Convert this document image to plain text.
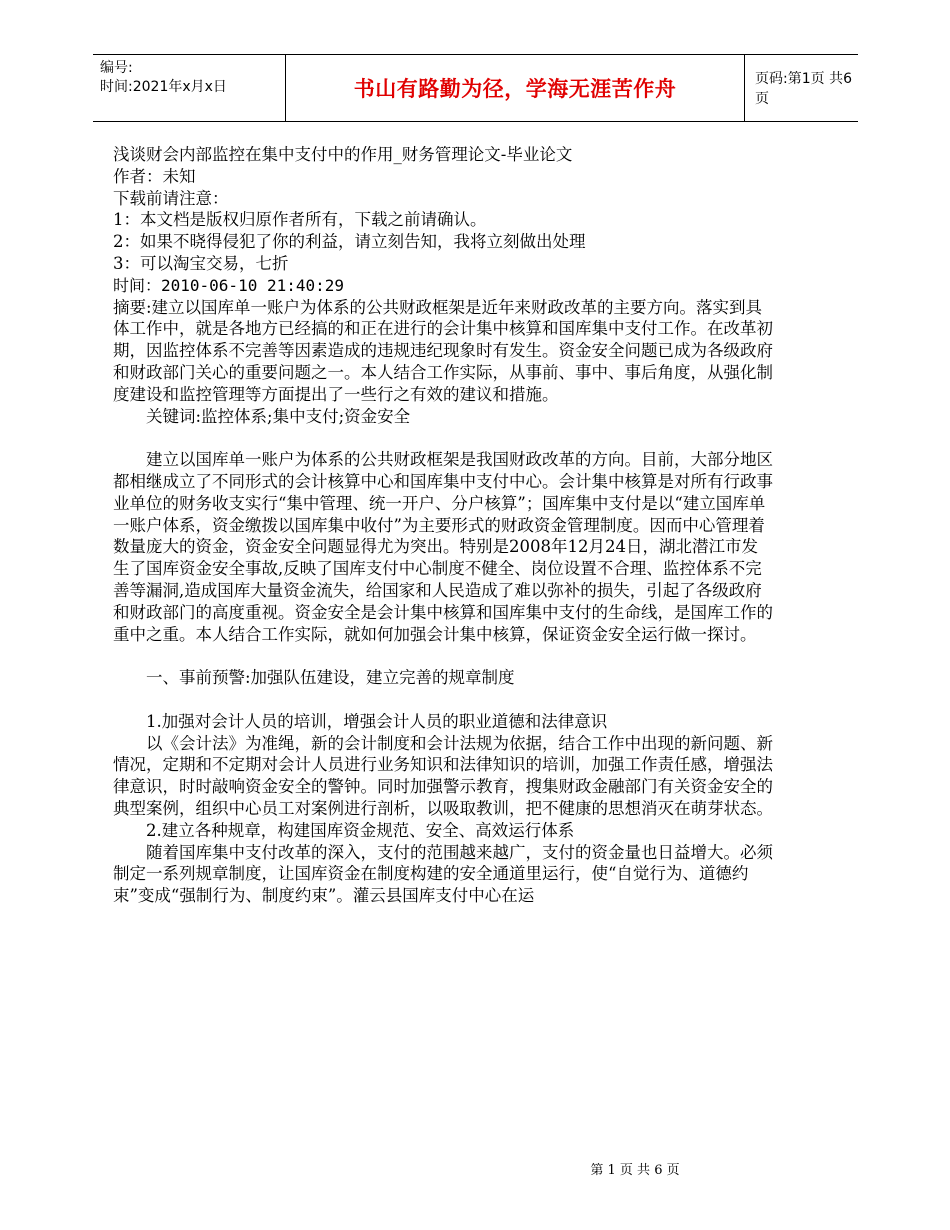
编号:
时间:2021年x月x日	书山有路勤为径，学海无涯苦作舟	页码:第1页 共6页

浅谈财会内部监控在集中支付中的作用_财务管理论文-毕业论文

作者：未知

下载前请注意：

1：本文档是版权归原作者所有，下载之前请确认。

2：如果不晓得侵犯了你的利益，请立刻告知，我将立刻做出处理

3：可以淘宝交易，七折

时间：2010-06-10 21:40:29

摘要:建立以国库单一账户为体系的公共财政框架是近年来财政改革的主要方向。落实到具体工作中，就是各地方已经搞的和正在进行的会计集中核算和国库集中支付工作。在改革初期，因监控体系不完善等因素造成的违规违纪现象时有发生。资金安全问题已成为各级政府和财政部门关心的重要问题之一。本人结合工作实际，从事前、事中、事后角度，从强化制度建设和监控管理等方面提出了一些行之有效的建议和措施。

关键词:监控体系;集中支付;资金安全

建立以国库单一账户为体系的公共财政框架是我国财政改革的方向。目前，大部分地区都相继成立了不同形式的会计核算中心和国库集中支付中心。会计集中核算是对所有行政事业单位的财务收支实行“集中管理、统一开户、分户核算”；国库集中支付是以“建立国库单一账户体系，资金缴拨以国库集中收付”为主要形式的财政资金管理制度。因而中心管理着数量庞大的资金，资金安全问题显得尤为突出。特别是2008年12月24日，湖北潜江市发生了国库资金安全事故,反映了国库支付中心制度不健全、岗位设置不合理、监控体系不完善等漏洞,造成国库大量资金流失，给国家和人民造成了难以弥补的损失，引起了各级政府和财政部门的高度重视。资金安全是会计集中核算和国库集中支付的生命线，是国库工作的重中之重。本人结合工作实际，就如何加强会计集中核算，保证资金安全运行做一探讨。

一、事前预警:加强队伍建设，建立完善的规章制度

1.加强对会计人员的培训，增强会计人员的职业道德和法律意识

以《会计法》为准绳，新的会计制度和会计法规为依据，结合工作中出现的新问题、新情况，定期和不定期对会计人员进行业务知识和法律知识的培训，加强工作责任感，增强法律意识，时时敲响资金安全的警钟。同时加强警示教育，搜集财政金融部门有关资金安全的典型案例，组织中心员工对案例进行剖析，以吸取教训，把不健康的思想消灭在萌芽状态。

2.建立各种规章，构建国库资金规范、安全、高效运行体系

随着国库集中支付改革的深入，支付的范围越来越广，支付的资金量也日益增大。必须制定一系列规章制度，让国库资金在制度构建的安全通道里运行，使“自觉行为、道德约束”变成“强制行为、制度约束”。灌云县国库支付中心在运

第 1 页 共 6 页
